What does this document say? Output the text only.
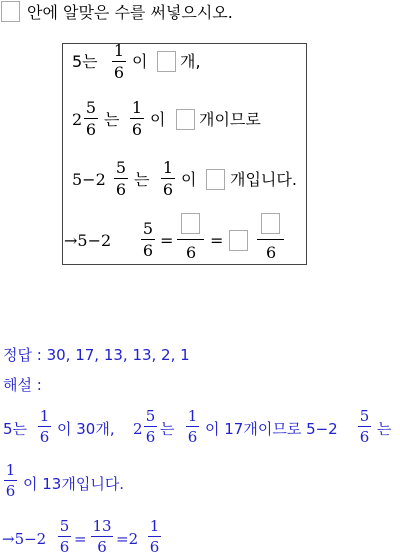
안에 알맞은 수를 써넣으시오.
5는
1
6
이 개,
2
5
6
는
1
6
이 개이므로
5−2
5
6
는
1
6
이 개입니다.
→5−2
5
6
=
6
=
6
정답 : 30, 17, 13, 13, 2, 1
해설 :
5는
1
6 이 30개, 2
5
6 는
1
6 이 17개이므로 5−2
5
6 는
1
6 이 13개입니다.
→5−2
5
6 =
13
6 =2
1
6
